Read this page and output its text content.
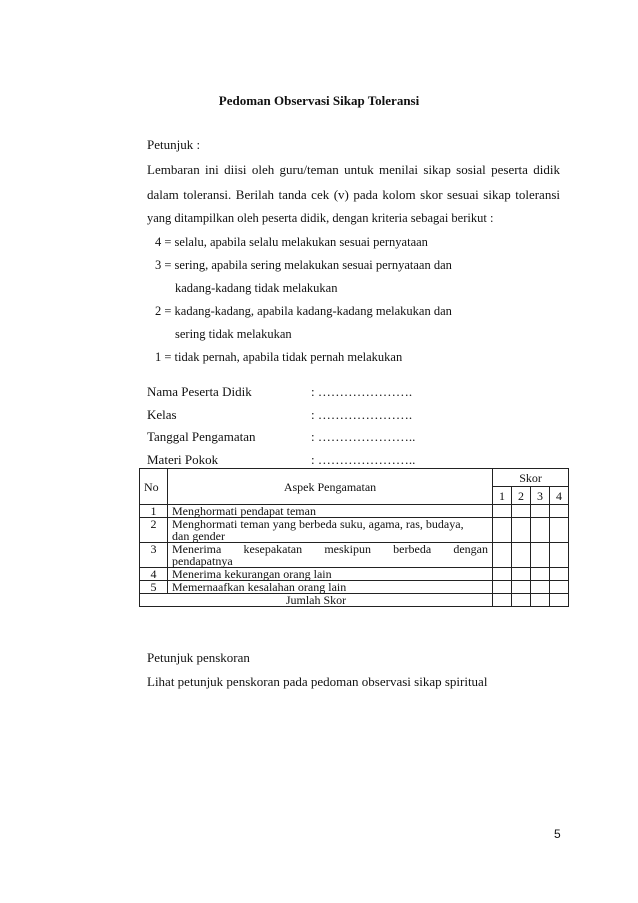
Pedoman Observasi Sikap Toleransi
Petunjuk :
Lembaran ini diisi oleh guru/teman untuk menilai sikap sosial peserta didik
dalam toleransi. Berilah tanda cek (v) pada kolom skor sesuai sikap toleransi
yang ditampilkan oleh peserta didik, dengan kriteria sebagai berikut :
4 = selalu, apabila selalu melakukan sesuai pernyataan
3 = sering, apabila sering melakukan sesuai pernyataan dan
kadang-kadang tidak melakukan
2 = kadang-kadang, apabila kadang-kadang melakukan dan
sering tidak melakukan
1 = tidak pernah, apabila tidak pernah melakukan
Nama Peserta Didik	: ………………….
Kelas	: ………………….
Tanggal Pengamatan	: …………………..
Materi Pokok	: …………………..
No	Aspek Pengamatan	Skor			
		1	2	3	4
1	Menghormati pendapat teman				
2	Menghormati teman yang berbeda suku, agama, ras, budaya,
dan gender				

3	Menerima kesepakatan meskipun berbeda dengan
pendapatnya				

4	Menerima kekurangan orang lain				
5	Memernaafkan kesalahan orang lain				
Jumlah Skor					
Petunjuk penskoran
Lihat petunjuk penskoran pada pedoman observasi sikap spiritual
5
